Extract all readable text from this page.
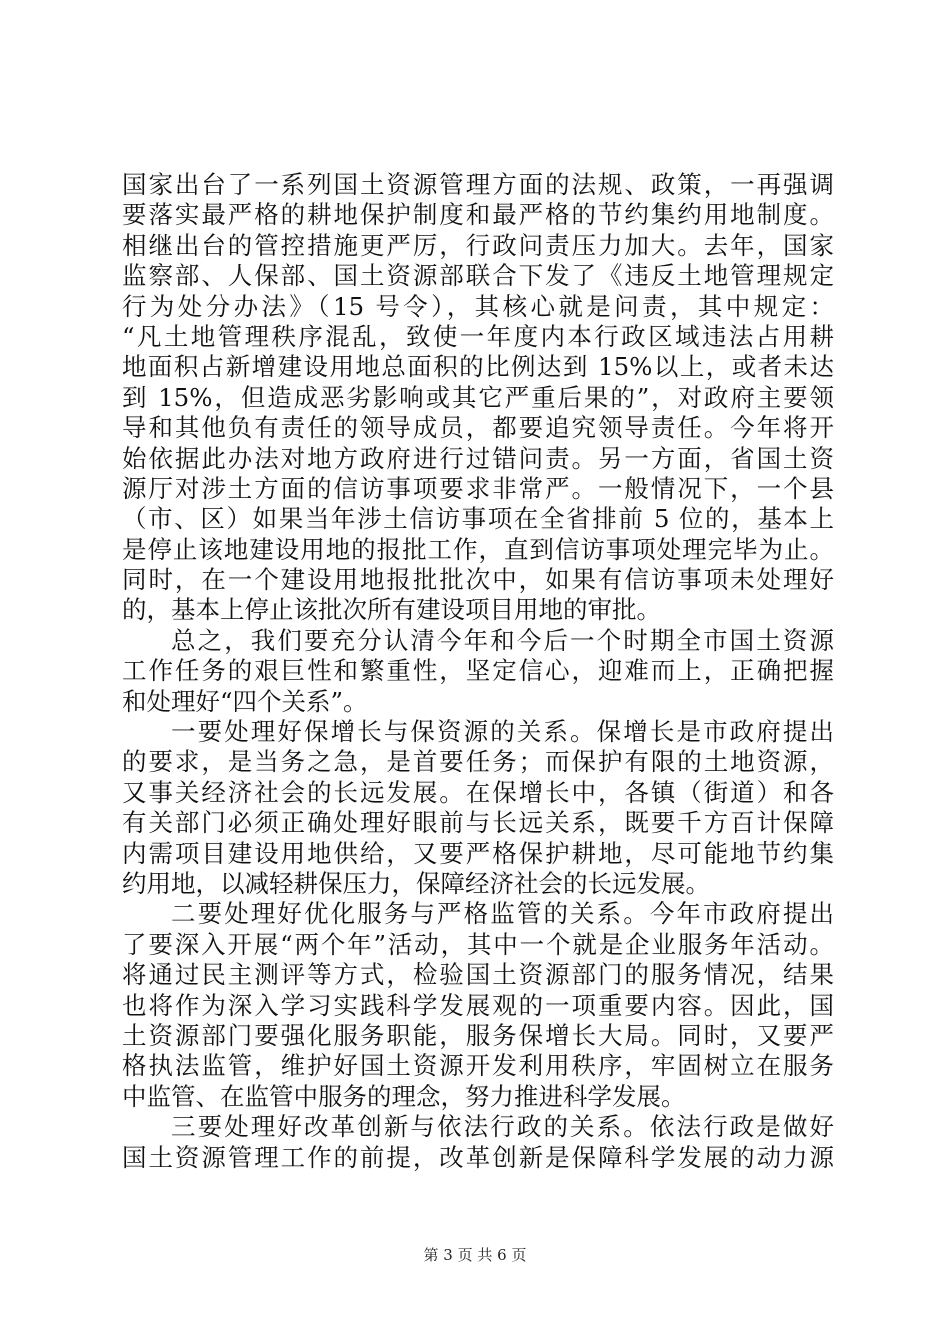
国家出台了一系列国土资源管理方面的法规、政策，一再强调
要落实最严格的耕地保护制度和最严格的节约集约用地制度。
相继出台的管控措施更严厉，行政问责压力加大。去年，国家
监察部、人保部、国土资源部联合下发了《违反土地管理规定
行为处分办法》（15 号令），其核心就是问责，其中规定：
“凡土地管理秩序混乱，致使一年度内本行政区域违法占用耕
地面积占新增建设用地总面积的比例达到 15%以上，或者未达
到 15%，但造成恶劣影响或其它严重后果的”，对政府主要领
导和其他负有责任的领导成员，都要追究领导责任。今年将开
始依据此办法对地方政府进行过错问责。另一方面，省国土资
源厅对涉土方面的信访事项要求非常严。一般情况下，一个县
（市、区）如果当年涉土信访事项在全省排前 5 位的，基本上
是停止该地建设用地的报批工作，直到信访事项处理完毕为止。
同时，在一个建设用地报批批次中，如果有信访事项未处理好
的，基本上停止该批次所有建设项目用地的审批。
总之，我们要充分认清今年和今后一个时期全市国土资源
工作任务的艰巨性和繁重性，坚定信心，迎难而上，正确把握
和处理好“四个关系”。
一要处理好保增长与保资源的关系。保增长是市政府提出
的要求，是当务之急，是首要任务；而保护有限的土地资源，
又事关经济社会的长远发展。在保增长中，各镇（街道）和各
有关部门必须正确处理好眼前与长远关系，既要千方百计保障
内需项目建设用地供给，又要严格保护耕地，尽可能地节约集
约用地，以减轻耕保压力，保障经济社会的长远发展。
二要处理好优化服务与严格监管的关系。今年市政府提出
了要深入开展“两个年”活动，其中一个就是企业服务年活动。
将通过民主测评等方式，检验国土资源部门的服务情况，结果
也将作为深入学习实践科学发展观的一项重要内容。因此，国
土资源部门要强化服务职能，服务保增长大局。同时，又要严
格执法监管，维护好国土资源开发利用秩序，牢固树立在服务
中监管、在监管中服务的理念，努力推进科学发展。
三要处理好改革创新与依法行政的关系。依法行政是做好
国土资源管理工作的前提，改革创新是保障科学发展的动力源
第 3 页 共 6 页
